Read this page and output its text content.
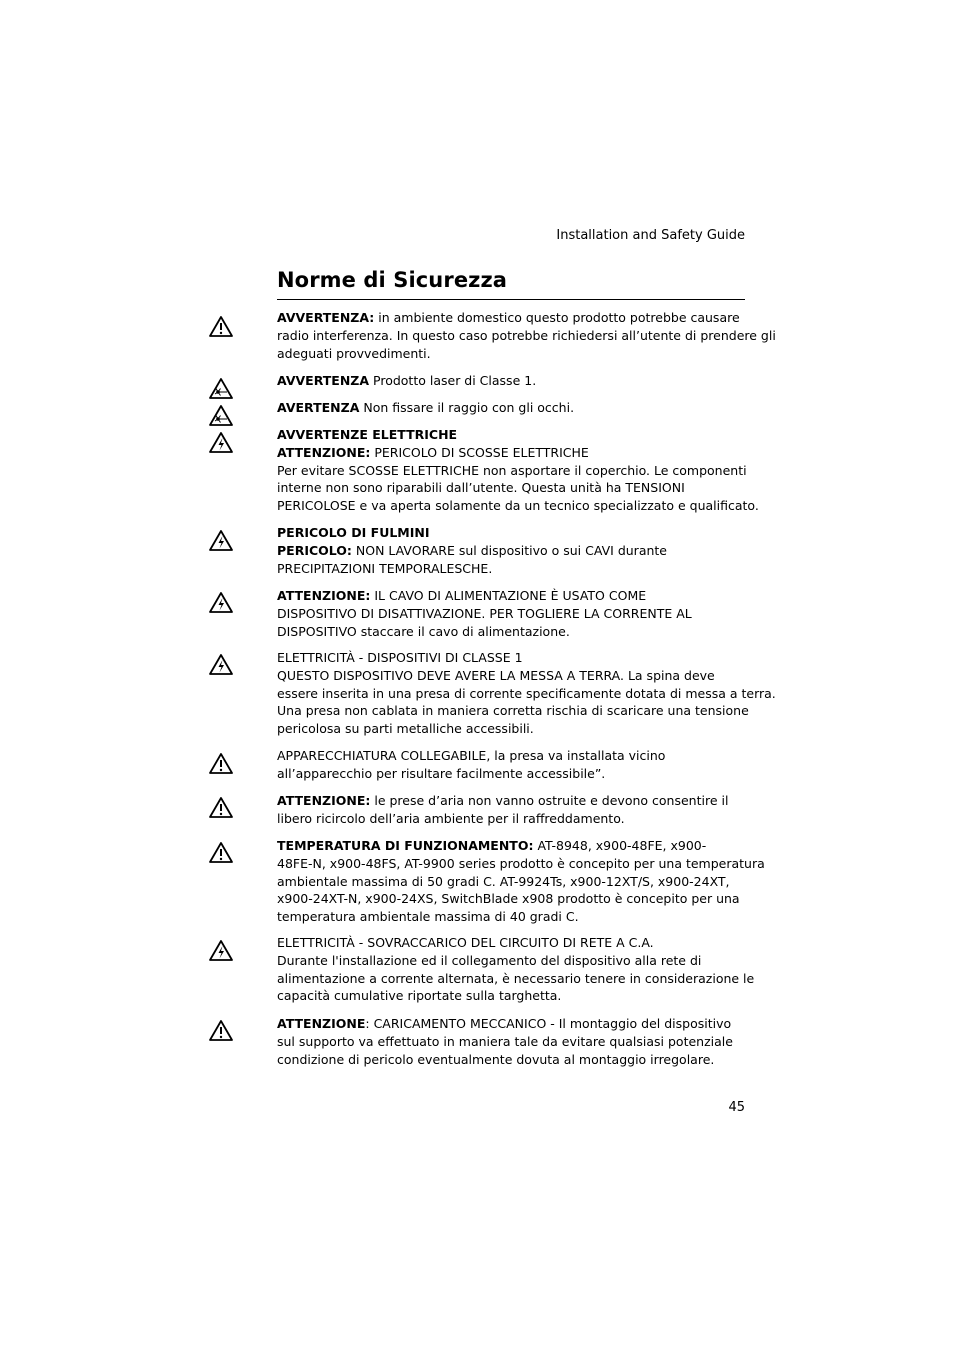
Installation and Safety Guide
Norme di Sicurezza
AVVERTENZA: in ambiente domestico questo prodotto potrebbe causare
radio interferenza. In questo caso potrebbe richiedersi all’utente di prendere gli
adeguati provvedimenti.
AVVERTENZA Prodotto laser di Classe 1.
AVERTENZA Non fissare il raggio con gli occhi.
AVVERTENZE ELETTRICHE
ATTENZIONE: PERICOLO DI SCOSSE ELETTRICHE
Per evitare SCOSSE ELETTRICHE non asportare il coperchio. Le componenti
interne non sono riparabili dall’utente. Questa unità ha TENSIONI
PERICOLOSE e va aperta solamente da un tecnico specializzato e qualificato.
PERICOLO DI FULMINI
PERICOLO: NON LAVORARE sul dispositivo o sui CAVI durante
PRECIPITAZIONI TEMPORALESCHE.
ATTENZIONE: IL CAVO DI ALIMENTAZIONE È USATO COME
DISPOSITIVO DI DISATTIVAZIONE. PER TOGLIERE LA CORRENTE AL
DISPOSITIVO staccare il cavo di alimentazione.
ELETTRICITÀ - DISPOSITIVI DI CLASSE 1
QUESTO DISPOSITIVO DEVE AVERE LA MESSA A TERRA. La spina deve
essere inserita in una presa di corrente specificamente dotata di messa a terra.
Una presa non cablata in maniera corretta rischia di scaricare una tensione
pericolosa su parti metalliche accessibili.
APPARECCHIATURA COLLEGABILE, la presa va installata vicino
all’apparecchio per risultare facilmente accessibile”.
ATTENZIONE: le prese d’aria non vanno ostruite e devono consentire il
libero ricircolo dell’aria ambiente per il raffreddamento.
TEMPERATURA DI FUNZIONAMENTO: AT-8948, x900-48FE, x900-
48FE-N, x900-48FS, AT-9900 series prodotto è concepito per una temperatura
ambientale massima di 50 gradi C. AT-9924Ts, x900-12XT/S, x900-24XT,
x900-24XT-N, x900-24XS, SwitchBlade x908 prodotto è concepito per una
temperatura ambientale massima di 40 gradi C.
ELETTRICITÀ - SOVRACCARICO DEL CIRCUITO DI RETE A C.A.
Durante l'installazione ed il collegamento del dispositivo alla rete di
alimentazione a corrente alternata, è necessario tenere in considerazione le
capacità cumulative riportate sulla targhetta.
ATTENZIONE: CARICAMENTO MECCANICO - Il montaggio del dispositivo
sul supporto va effettuato in maniera tale da evitare qualsiasi potenziale
condizione di pericolo eventualmente dovuta al montaggio irregolare.
45
